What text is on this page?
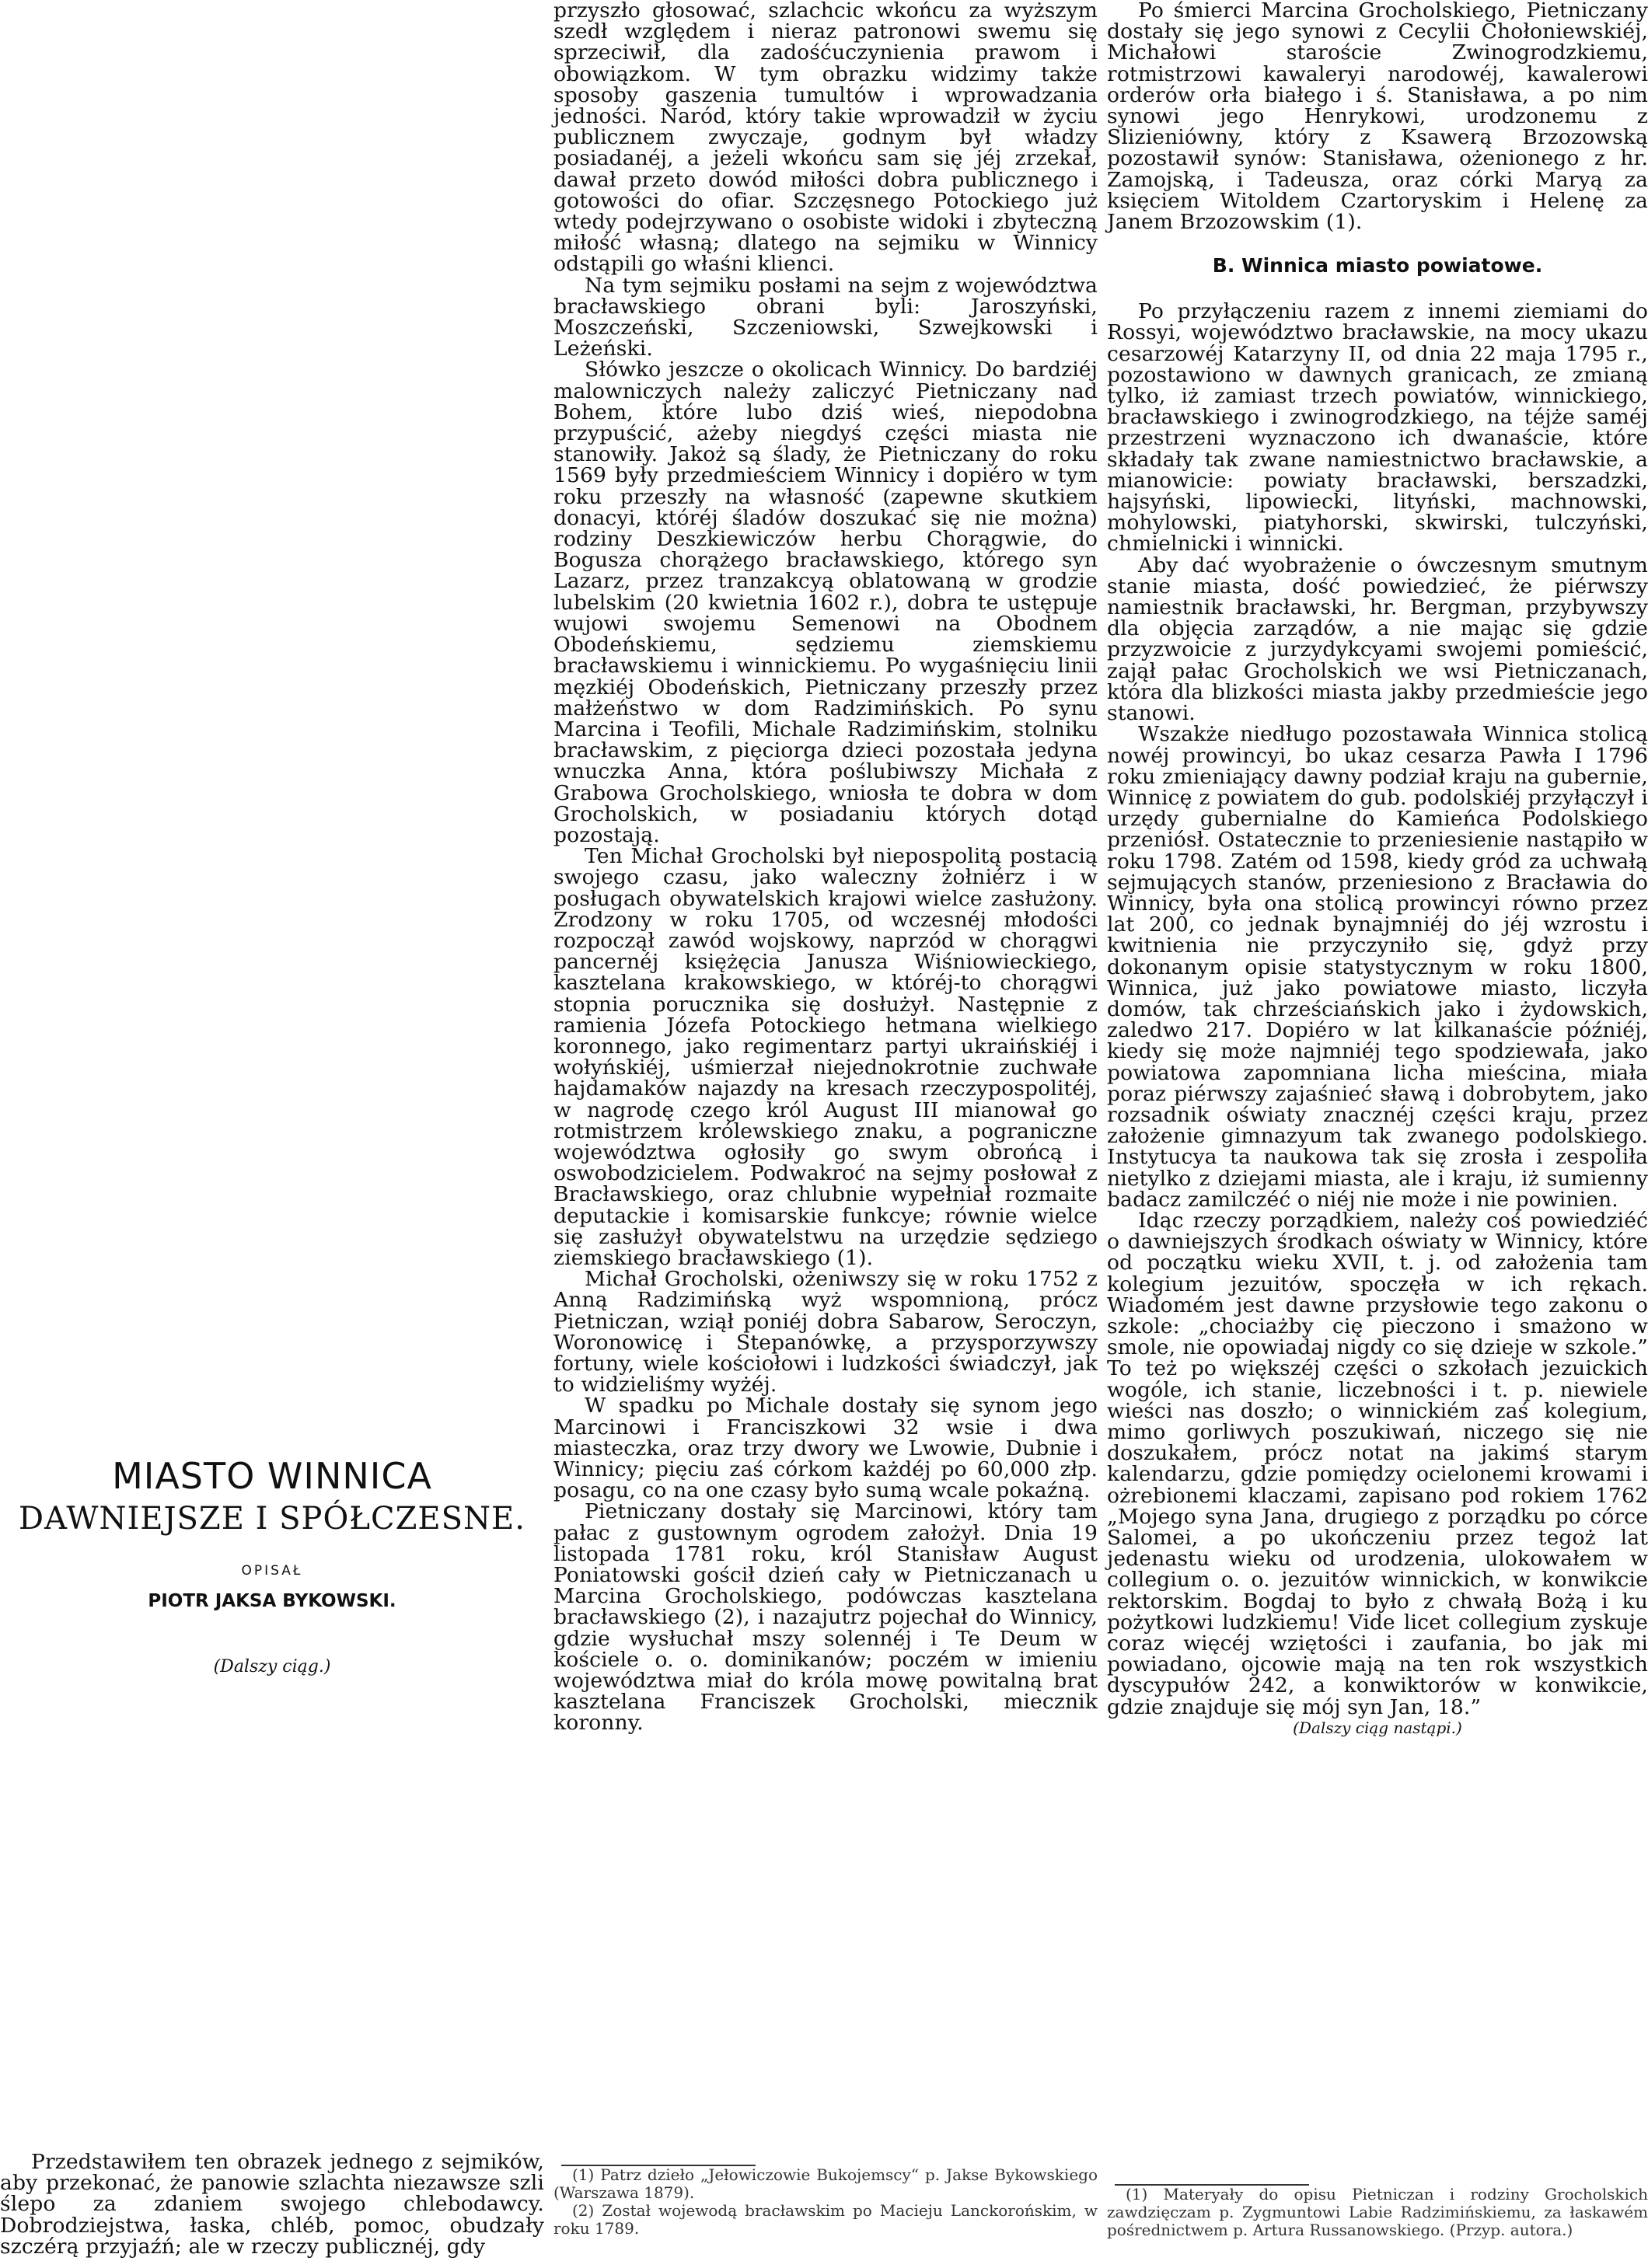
MIASTO WINNICA
DAWNIEJSZE I SPÓŁCZESNE.
OPISAŁ
PIOTR JAKSA BYKOWSKI.
(Dalszy ciąg.)

Przedstawiłem ten obrazek jednego z sejmików, aby przekonać, że panowie szlachta niezawsze szli ślepo za zdaniem swojego chlebodawcy. Dobrodziejstwa, łaska, chléb, pomoc, obudzały szczérą przyjaźń; ale w rzeczy publicznéj, gdy

przyszło głosować, szlachcic wkońcu za wyższym szedł względem i nieraz patronowi swemu się sprzeciwił, dla zadośćuczynienia prawom i obowiązkom. W tym obrazku widzimy także sposoby gaszenia tumultów i wprowadzania jedności. Naród, który takie wprowadził w życiu publicznem zwyczaje, godnym był władzy posiadanéj, a jeżeli wkońcu sam się jéj zrzekał, dawał przeto dowód miłości dobra publicznego i gotowości do ofiar. Szczęsnego Potockiego już wtedy podejrzywano o osobiste widoki i zbyteczną miłość własną; dlatego na sejmiku w Winnicy odstąpili go właśni klienci.

Na tym sejmiku posłami na sejm z województwa bracławskiego obrani byli: Jaroszyński, Moszczeński, Szczeniowski, Szwejkowski i Leżeński.

Słówko jeszcze o okolicach Winnicy. Do bardziéj malowniczych należy zaliczyć Pietniczany nad Bohem, które lubo dziś wieś, niepodobna przypuścić, ażeby niegdyś części miasta nie stanowiły. Jakoż są ślady, że Pietniczany do roku 1569 były przedmieściem Winnicy i dopiéro w tym roku przeszły na własność (zapewne skutkiem donacyi, któréj śladów doszukać się nie można) rodziny Deszkiewiczów herbu Chorągwie, do Bogusza chorążego bracławskiego, którego syn Lazarz, przez tranzakcyą oblatowaną w grodzie lubelskim (20 kwietnia 1602 r.), dobra te ustępuje wujowi swojemu Semenowi na Obodnem Obodeńskiemu, sędziemu ziemskiemu bracławskiemu i winnickiemu. Po wygaśnięciu linii męzkiéj Obodeńskich, Pietniczany przeszły przez małżeństwo w dom Radzimińskich. Po synu Marcina i Teofili, Michale Radzimińskim, stolniku bracławskim, z pięciorga dzieci pozostała jedyna wnuczka Anna, która poślubiwszy Michała z Grabowa Grocholskiego, wniosła te dobra w dom Grocholskich, w posiadaniu których dotąd pozostają.

Ten Michał Grocholski był niepospolitą postacią swojego czasu, jako waleczny żołniérz i w posługach obywatelskich krajowi wielce zasłużony. Zrodzony w roku 1705, od wczesnéj młodości rozpoczął zawód wojskowy, naprzód w chorągwi pancernéj księżęcia Janusza Wiśniowieckiego, kasztelana krakowskiego, w któréj-to chorągwi stopnia porucznika się dosłużył. Następnie z ramienia Józefa Potockiego hetmana wielkiego koronnego, jako regimentarz partyi ukraińskiéj i wołyńskiéj, uśmierzał niejednokrotnie zuchwałe hajdamaków najazdy na kresach rzeczypospolitéj, w nagrodę czego król August III mianował go rotmistrzem królewskiego znaku, a pograniczne województwa ogłosiły go swym obrońcą i oswobodzicielem. Podwakroć na sejmy posłował z Bracławskiego, oraz chlubnie wypełniał rozmaite deputackie i komisarskie funkcye; równie wielce się zasłużył obywatelstwu na urzędzie sędziego ziemskiego bracławskiego (1).

Michał Grocholski, ożeniwszy się w roku 1752 z Anną Radzimińską wyż wspomnioną, prócz Pietniczan, wziął poniéj dobra Sabarow, Seroczyn, Woronowicę i Stepanówkę, a przysporzywszy fortuny, wiele kościołowi i ludzkości świadczył, jak to widzieliśmy wyżéj.

W spadku po Michale dostały się synom jego Marcinowi i Franciszkowi 32 wsie i dwa miasteczka, oraz trzy dwory we Lwowie, Dubnie i Winnicy; pięciu zaś córkom każdéj po 60,000 złp. posagu, co na one czasy było sumą wcale pokaźną.

Pietniczany dostały się Marcinowi, który tam pałac z gustownym ogrodem założył. Dnia 19 listopada 1781 roku, król Stanisław August Poniatowski gościł dzień cały w Pietniczanach u Marcina Grocholskiego, podówczas kasztelana bracławskiego (2), i nazajutrz pojechał do Winnicy, gdzie wysłuchał mszy solennéj i Te Deum w kościele o. o. dominikanów; poczém w imieniu województwa miał do króla mowę powitalną brat kasztelana Franciszek Grocholski, miecznik koronny.

(1) Patrz dzieło „Jełowiczowie Bukojemscy“ p. Jakse Bykowskiego (Warszawa 1879).

(2) Został wojewodą bracławskim po Macieju Lanckorońskim, w roku 1789.

Po śmierci Marcina Grocholskiego, Pietniczany dostały się jego synowi z Cecylii Chołoniewskiéj, Michałowi staroście Zwinogrodzkiemu, rotmistrzowi kawaleryi narodowéj, kawalerowi orderów orła białego i ś. Stanisława, a po nim synowi jego Henrykowi, urodzonemu z Slizieniówny, który z Ksawerą Brzozowską pozostawił synów: Stanisława, ożenionego z hr. Zamojską, i Tadeusza, oraz córki Maryą za księciem Witoldem Czartoryskim i Helenę za Janem Brzozowskim (1).

B. Winnica miasto powiatowe.

Po przyłączeniu razem z innemi ziemiami do Rossyi, województwo bracławskie, na mocy ukazu cesarzowéj Katarzyny II, od dnia 22 maja 1795 r., pozostawiono w dawnych granicach, ze zmianą tylko, iż zamiast trzech powiatów, winnickiego, bracławskiego i zwinogrodzkiego, na téjże saméj przestrzeni wyznaczono ich dwanaście, które składały tak zwane namiestnictwo bracławskie, a mianowicie: powiaty bracławski, berszadzki, hajsyński, lipowiecki, lityński, machnowski, mohylowski, piatyhorski, skwirski, tulczyński, chmielnicki i winnicki.

Aby dać wyobrażenie o ówczesnym smutnym stanie miasta, dość powiedzieć, że piérwszy namiestnik bracławski, hr. Bergman, przybywszy dla objęcia zarządów, a nie mając się gdzie przyzwoicie z jurzydykcyami swojemi pomieścić, zajął pałac Grocholskich we wsi Pietniczanach, która dla blizkości miasta jakby przedmieście jego stanowi.

Wszakże niedługo pozostawała Winnica stolicą nowéj prowincyi, bo ukaz cesarza Pawła I 1796 roku zmieniający dawny podział kraju na gubernie, Winnicę z powiatem do gub. podolskiéj przyłączył i urzędy gubernialne do Kamieńca Podolskiego przeniósł. Ostatecznie to przeniesienie nastąpiło w roku 1798. Zatém od 1598, kiedy gród za uchwałą sejmujących stanów, przeniesiono z Bracławia do Winnicy, była ona stolicą prowincyi równo przez lat 200, co jednak bynajmniéj do jéj wzrostu i kwitnienia nie przyczyniło się, gdyż przy dokonanym opisie statystycznym w roku 1800, Winnica, już jako powiatowe miasto, liczyła domów, tak chrześciańskich jako i żydowskich, zaledwo 217. Dopiéro w lat kilkanaście późniéj, kiedy się może najmniéj tego spodziewała, jako powiatowa zapomniana licha mieścina, miała poraz piérwszy zajaśnieć sławą i dobrobytem, jako rozsadnik oświaty znacznéj części kraju, przez założenie gimnazyum tak zwanego podolskiego. Instytucya ta naukowa tak się zrosła i zespoliła nietylko z dziejami miasta, ale i kraju, iż sumienny badacz zamilczéć o niéj nie może i nie powinien.

Idąc rzeczy porządkiem, należy coś powiedziéć o dawniejszych środkach oświaty w Winnicy, które od początku wieku XVII, t. j. od założenia tam kolegium jezuitów, spoczęła w ich rękach. Wiadomém jest dawne przysłowie tego zakonu o szkole: „chociażby cię pieczono i smażono w smole, nie opowiadaj nigdy co się dzieje w szkole.” To też po większéj części o szkołach jezuickich wogóle, ich stanie, liczebności i t. p. niewiele wieści nas doszło; o winnickiém zaś kolegium, mimo gorliwych poszukiwań, niczego się nie doszukałem, prócz notat na jakimś starym kalendarzu, gdzie pomiędzy ocielonemi krowami i ożrebionemi klaczami, zapisano pod rokiem 1762 „Mojego syna Jana, drugiego z porządku po córce Salomei, a po ukończeniu przez tegoż lat jedenastu wieku od urodzenia, ulokowałem w collegium o. o. jezuitów winnickich, w konwikcie rektorskim. Bogdaj to było z chwałą Bożą i ku pożytkowi ludzkiemu! Vide licet collegium zyskuje coraz więcéj wziętości i zaufania, bo jak mi powiadano, ojcowie mają na ten rok wszystkich dyscypułów 242, a konwiktorów w konwikcie, gdzie znajduje się mój syn Jan, 18.”

(Dalszy ciąg nastąpi.)

(1) Materyały do opisu Pietniczan i rodziny Grocholskich zawdzięczam p. Zygmuntowi Labie Radzimińskiemu, za łaskawém pośrednictwem p. Artura Russanowskiego. (Przyp. autora.)
